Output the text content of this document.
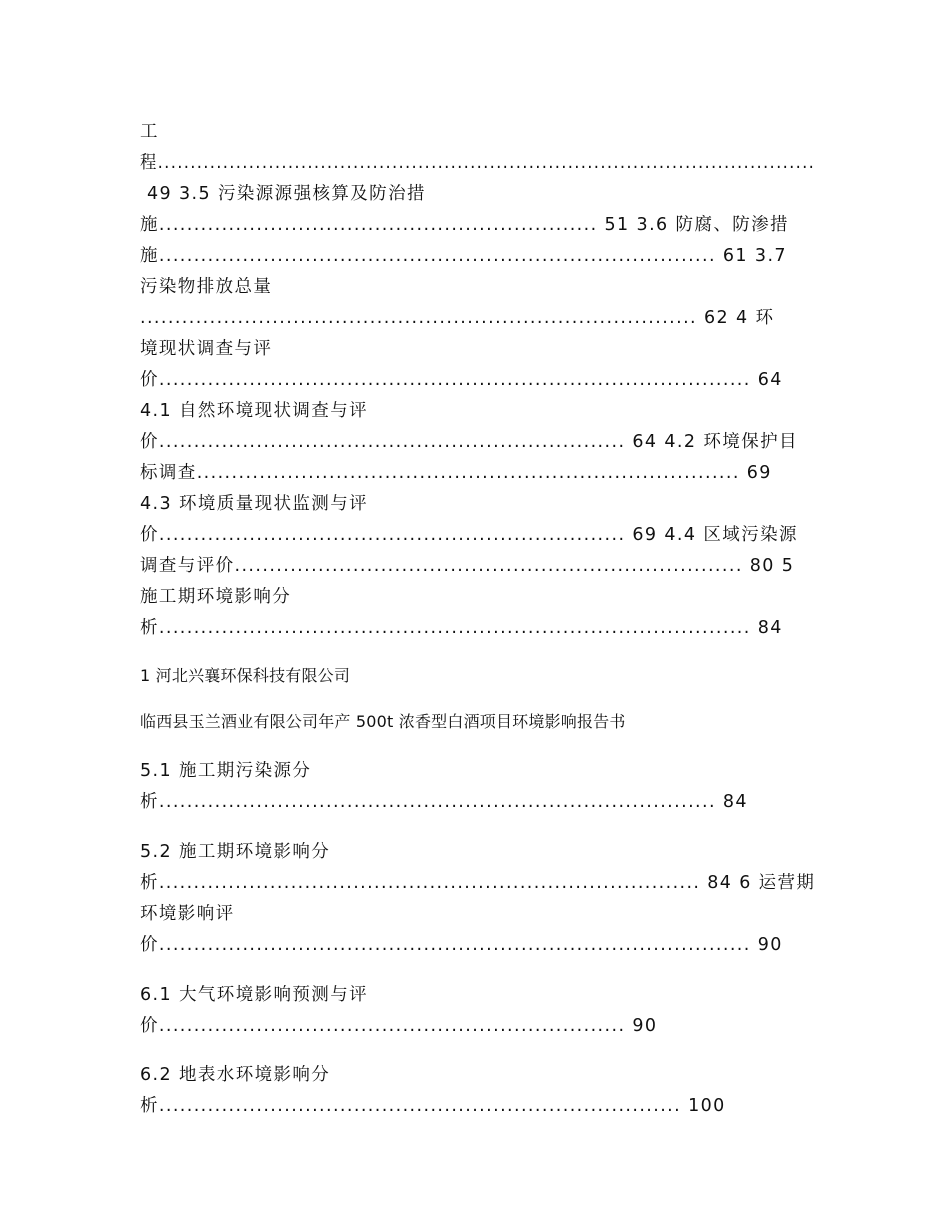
工

程.....................................................................................................

49 3.5 污染源源强核算及防治措

施............................................................... 51 3.6 防腐、防渗措

施................................................................................ 61 3.7

污染物排放总量

................................................................................ 62 4 环

境现状调查与评

价..................................................................................... 64

4.1 自然环境现状调查与评

价................................................................... 64 4.2 环境保护目

标调查.............................................................................. 69

4.3 环境质量现状监测与评

价................................................................... 69 4.4 区域污染源

调查与评价......................................................................... 80 5

施工期环境影响分

析..................................................................................... 84

1 河北兴襄环保科技有限公司

临西县玉兰酒业有限公司年产 500t 浓香型白酒项目环境影响报告书

5.1 施工期污染源分

析................................................................................ 84

5.2 施工期环境影响分

析.............................................................................. 84 6 运营期

环境影响评

价..................................................................................... 90

6.1 大气环境影响预测与评

价................................................................... 90

6.2 地表水环境影响分

析........................................................................... 100
